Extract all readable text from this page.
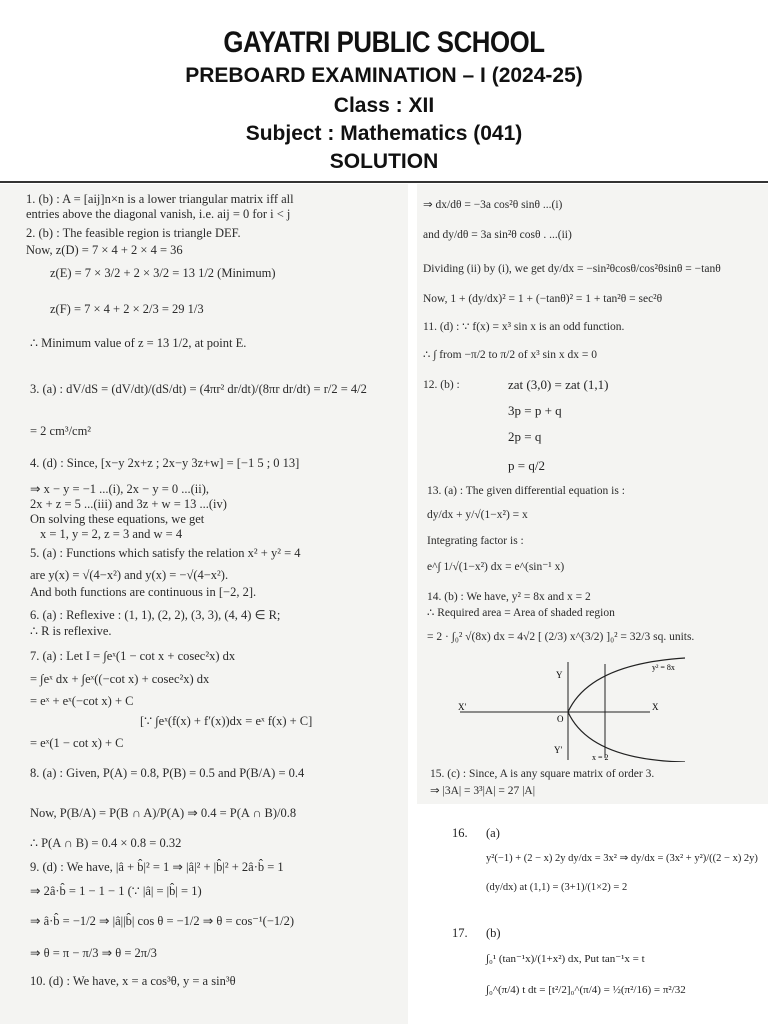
GAYATRI PUBLIC SCHOOL
PREBOARD EXAMINATION – I (2024-25)
Class : XII
Subject : Mathematics (041)
SOLUTION
1. (b) : A = [aij]n×n is a lower triangular matrix iff all
entries above the diagonal vanish, i.e. aij = 0 for i < j
2. (b) : The feasible region is triangle DEF.
Now, z(D) = 7 × 4 + 2 × 4 = 36
z(E) = 7 × 3/2 + 2 × 3/2 = 13 1/2 (Minimum)
z(F) = 7 × 4 + 2 × 2/3 = 29 1/3
∴ Minimum value of z = 13 1/2, at point E.
3. (a) : dV/dS = (dV/dt)/(dS/dt) = (4πr² dr/dt)/(8πr dr/dt) = r/2 = 4/2
= 2 cm³/cm²
4. (d) : Since, [x−y 2x+z ; 2x−y 3z+w] = [−1 5 ; 0 13]
⇒ x − y = −1 ...(i), 2x − y = 0 ...(ii),
2x + z = 5 ...(iii) and 3z + w = 13 ...(iv)
On solving these equations, we get
x = 1, y = 2, z = 3 and w = 4
5. (a) : Functions which satisfy the relation x² + y² = 4
are y(x) = √(4−x²) and y(x) = −√(4−x²).
And both functions are continuous in [−2, 2].
6. (a) : Reflexive : (1, 1), (2, 2), (3, 3), (4, 4) ∈ R;
∴ R is reflexive.
7. (a) : Let I = ∫eˣ(1 − cot x + cosec²x) dx
= ∫eˣ dx + ∫eˣ((−cot x) + cosec²x) dx
= eˣ + eˣ(−cot x) + C
[∵ ∫eˣ(f(x) + f′(x))dx = eˣ f(x) + C]
= eˣ(1 − cot x) + C
8. (a) : Given, P(A) = 0.8, P(B) = 0.5 and P(B/A) = 0.4
Now, P(B/A) = P(B ∩ A)/P(A) ⇒ 0.4 = P(A ∩ B)/0.8
∴ P(A ∩ B) = 0.4 × 0.8 = 0.32
9. (d) : We have, |â + b̂|² = 1 ⇒ |â|² + |b̂|² + 2â·b̂ = 1
⇒ 2â·b̂ = 1 − 1 − 1 (∵ |â| = |b̂| = 1)
⇒ â·b̂ = −1/2 ⇒ |â||b̂| cos θ = −1/2 ⇒ θ = cos⁻¹(−1/2)
⇒ θ = π − π/3 ⇒ θ = 2π/3
10. (d) : We have, x = a cos³θ, y = a sin³θ
⇒ dx/dθ = −3a cos²θ sinθ ...(i)
and dy/dθ = 3a sin²θ cosθ . ...(ii)
Dividing (ii) by (i), we get dy/dx = −sin²θcosθ/cos²θsinθ = −tanθ
Now, 1 + (dy/dx)² = 1 + (−tanθ)² = 1 + tan²θ = sec²θ
11. (d) : ∵ f(x) = x³ sin x is an odd function.
∴ ∫ from −π/2 to π/2 of x³ sin x dx = 0
12. (b) :	zat (3,0) = zat (1,1)
3p = p + q
2p = q
p = q/2
13. (a) : The given differential equation is :
dy/dx + y/√(1−x²) = x
Integrating factor is :
e^∫ 1/√(1−x²) dx = e^(sin⁻¹ x)
14. (b) : We have, y² = 8x and x = 2
∴ Required area = Area of shaded region
= 2 · ∫₀² √(8x) dx = 4√2 [ (2/3) x^(3/2) ]₀² = 32/3 sq. units.
Y
Y′
X
X′
O
y² = 8x
x = 2
15. (c) : Since, A is any square matrix of order 3.
⇒ |3A| = 3³|A| = 27 |A|
16. (a)
y²(−1) + (2 − x) 2y dy/dx = 3x² ⇒ dy/dx = (3x² + y²)/((2 − x) 2y)
(dy/dx) at (1,1) = (3+1)/(1×2) = 2
17. (b)
∫₀¹ (tan⁻¹x)/(1+x²) dx, Put tan⁻¹x = t
∫₀^(π/4) t dt = [t²/2]₀^(π/4) = ½(π²/16) = π²/32
